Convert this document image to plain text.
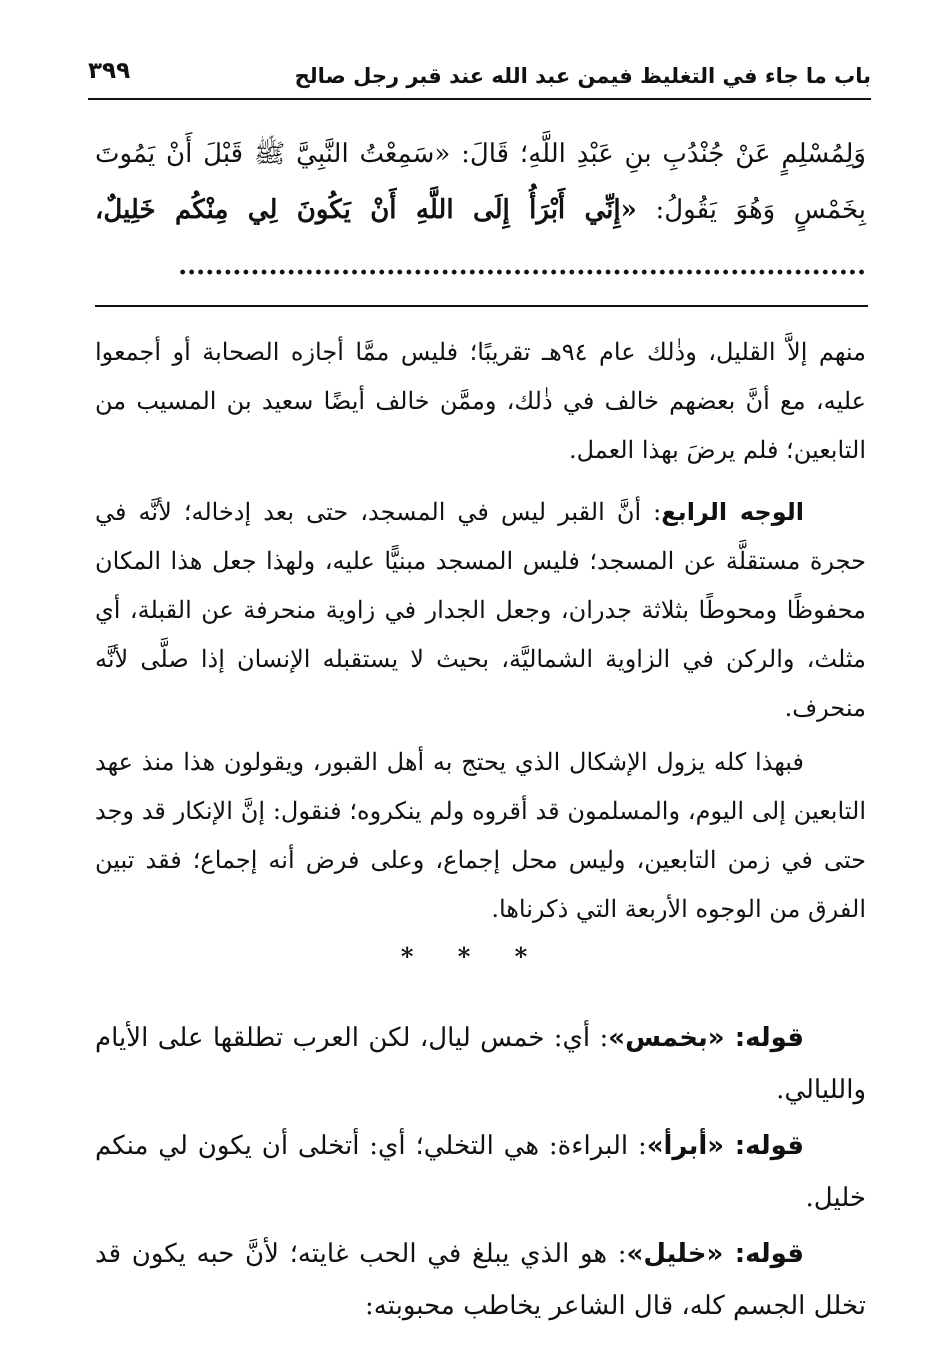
باب ما جاء في التغليظ فيمن عبد الله عند قبر رجل صالح
٣٩٩
وَلِمُسْلِمٍ عَنْ جُنْدُبِ بنِ عَبْدِ اللَّهِ؛ قَالَ: «سَمِعْتُ النَّبِيَّ ﷺ قَبْلَ أَنْ يَمُوتَ بِخَمْسٍ وَهُوَ يَقُولُ: «إِنِّي أَبْرَأُ إِلَى اللَّهِ أَنْ يَكُونَ لِي مِنْكُم خَلِيلٌ، ............................................................................

منهم إلاَّ القليل، وذٰلك عام ٩٤هـ تقريبًا؛ فليس ممَّا أجازه الصحابة أو أجمعوا عليه، مع أنَّ بعضهم خالف في ذٰلك، وممَّن خالف أيضًا سعيد بن المسيب من التابعين؛ فلم يرضَ بهذا العمل.

الوجه الرابع: أنَّ القبر ليس في المسجد، حتى بعد إدخاله؛ لأنَّه في حجرة مستقلَّة عن المسجد؛ فليس المسجد مبنيًّا عليه، ولهذا جعل هذا المكان محفوظًا ومحوطًا بثلاثة جدران، وجعل الجدار في زاوية منحرفة عن القبلة، أي مثلث، والركن في الزاوية الشماليَّة، بحيث لا يستقبله الإنسان إذا صلَّى لأنَّه منحرف.

فبهذا كله يزول الإشكال الذي يحتج به أهل القبور، ويقولون هذا منذ عهد التابعين إلى اليوم، والمسلمون قد أقروه ولم ينكروه؛ فنقول: إنَّ الإنكار قد وجد حتى في زمن التابعين، وليس محل إجماع، وعلى فرض أنه إجماع؛ فقد تبين الفرق من الوجوه الأربعة التي ذكرناها.

* * *

قوله: «بخمس»: أي: خمس ليال، لكن العرب تطلقها على الأيام والليالي.

قوله: «أبرأ»: البراءة: هي التخلي؛ أي: أتخلى أن يكون لي منكم خليل.

قوله: «خليل»: هو الذي يبلغ في الحب غايته؛ لأنَّ حبه يكون قد تخلل الجسم كله، قال الشاعر يخاطب محبوبته:
